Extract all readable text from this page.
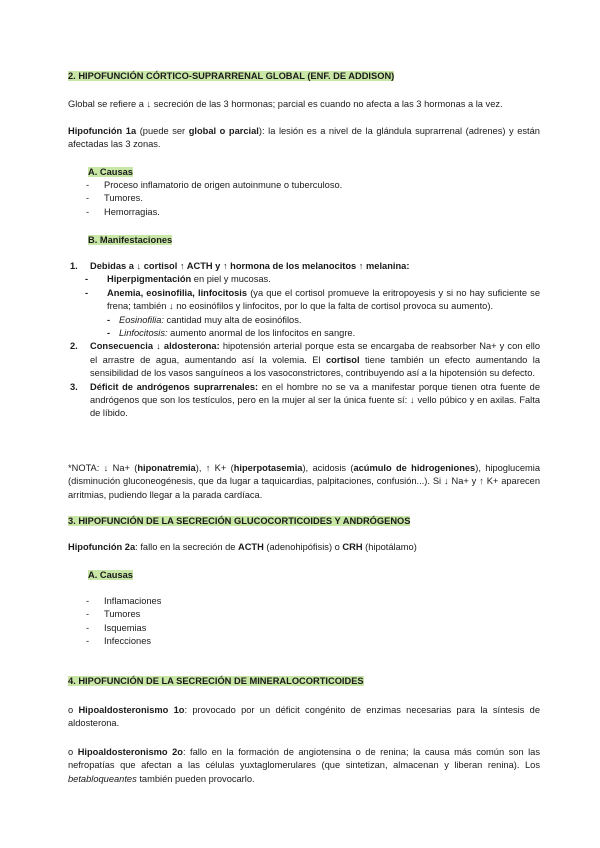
2. HIPOFUNCIÓN CÓRTICO-SUPRARRENAL GLOBAL (ENF. DE ADDISON)
Global se refiere a ↓ secreción de las 3 hormonas; parcial es cuando no afecta a las 3 hormonas a la vez.
Hipofunción 1a (puede ser global o parcial): la lesión es a nivel de la glándula suprarrenal (adrenes) y están afectadas las 3 zonas.
A. Causas
- Proceso inflamatorio de origen autoinmune o tuberculoso.
- Tumores.
- Hemorragias.
B. Manifestaciones
1. Debidas a ↓ cortisol ↑ ACTH y ↑ hormona de los melanocitos ↑ melanina:
- Hiperpigmentación en piel y mucosas.
- Anemia, eosinofilia, linfocitosis (ya que el cortisol promueve la eritropoyesis y si no hay suficiente se frena; también ↓ no eosinófilos y linfocitos, por lo que la falta de cortisol provoca su aumento).
- Eosinofilia: cantidad muy alta de eosinófilos.
- Linfocitosis: aumento anormal de los linfocitos en sangre.
2. Consecuencia ↓ aldosterona: hipotensión arterial porque esta se encargaba de reabsorber Na+ y con ello el arrastre de agua, aumentando así la volemia. El cortisol tiene también un efecto aumentando la sensibilidad de los vasos sanguíneos a los vasoconstrictores, contribuyendo así a la hipotensión su defecto.
3. Déficit de andrógenos suprarrenales: en el hombre no se va a manifestar porque tienen otra fuente de andrógenos que son los testículos, pero en la mujer al ser la única fuente sí: ↓ vello púbico y en axilas. Falta de líbido.
*NOTA: ↓ Na+ (hiponatremia), ↑ K+ (hiperpotasemia), acidosis (acúmulo de hidrogeniones), hipoglucemia (disminución gluconeogénesis, que da lugar a taquicardias, palpitaciones, confusión...). Si ↓ Na+ y ↑ K+ aparecen arritmias, pudiendo llegar a la parada cardíaca.
3. HIPOFUNCIÓN DE LA SECRECIÓN GLUCOCORTICOIDES Y ANDRÓGENOS
Hipofunción 2a: fallo en la secreción de ACTH (adenohipófisis) o CRH (hipotálamo)
A. Causas
- Inflamaciones
- Tumores
- Isquemias
- Infecciones
4. HIPOFUNCIÓN DE LA SECRECIÓN DE MINERALOCORTICOIDES
o Hipoaldosteronismo 1o: provocado por un déficit congénito de enzimas necesarias para la síntesis de aldosterona.
o Hipoaldosteronismo 2o: fallo en la formación de angiotensina o de renina; la causa más común son las nefropatías que afectan a las células yuxtaglomerulares (que sintetizan, almacenan y liberan renina). Los betabloqueantes también pueden provocarlo.
